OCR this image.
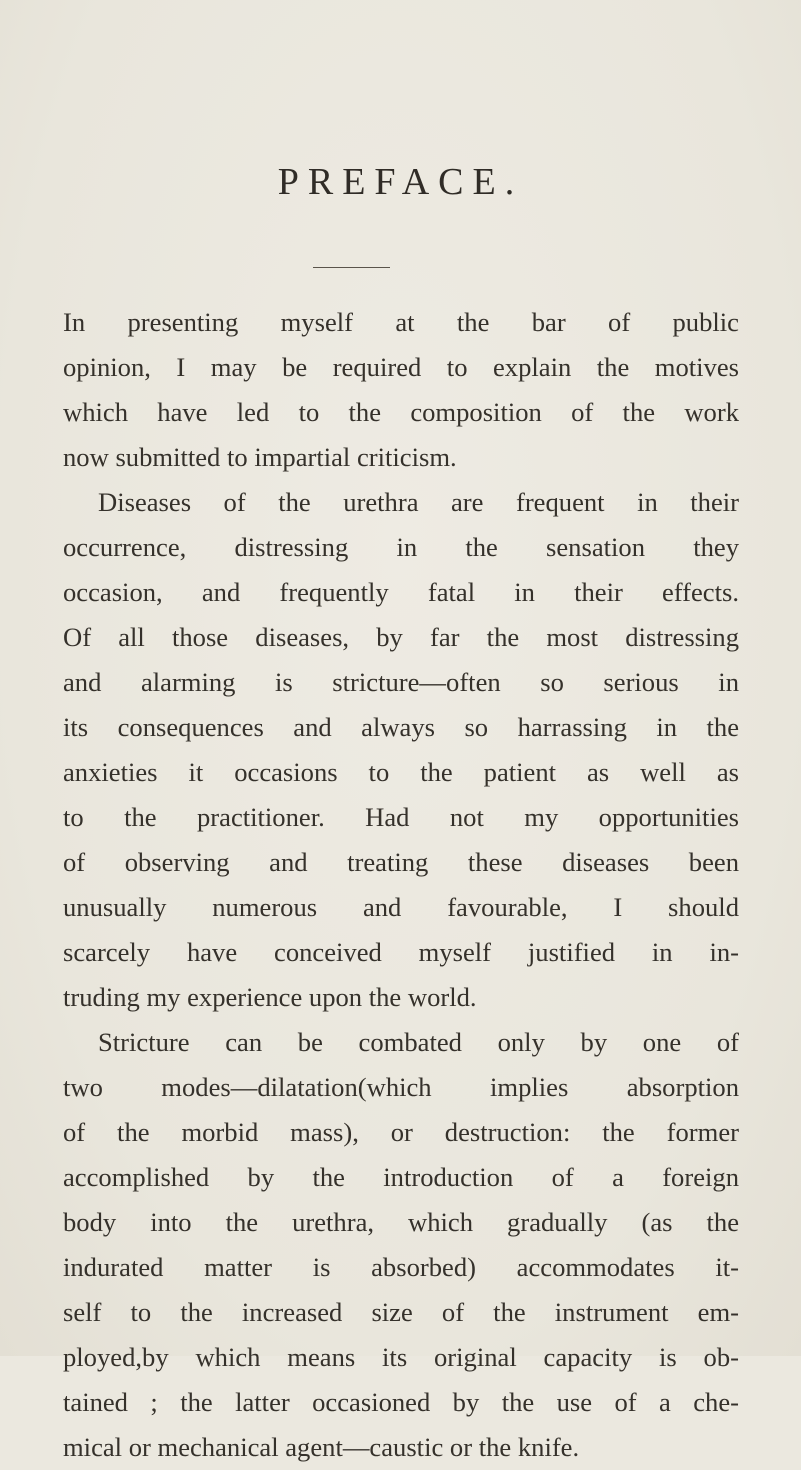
PREFACE.
In presenting myself at the bar of public
opinion, I may be required to explain the motives
which have led to the composition of the work
now submitted to impartial criticism.
Diseases of the urethra are frequent in their
occurrence, distressing in the sensation they
occasion, and frequently fatal in their effects.
Of all those diseases, by far the most distressing
and alarming is stricture—often so serious in
its consequences and always so harrassing in the
anxieties it occasions to the patient as well as
to the practitioner. Had not my opportunities
of observing and treating these diseases been
unusually numerous and favourable, I should
scarcely have conceived myself justified in in-
truding my experience upon the world.
Stricture can be combated only by one of
two modes—dilatation(which implies absorption
of the morbid mass), or destruction: the former
accomplished by the introduction of a foreign
body into the urethra, which gradually (as the
indurated matter is absorbed) accommodates it-
self to the increased size of the instrument em-
ployed,by which means its original capacity is ob-
tained ; the latter occasioned by the use of a che-
mical or mechanical agent—caustic or the knife.
